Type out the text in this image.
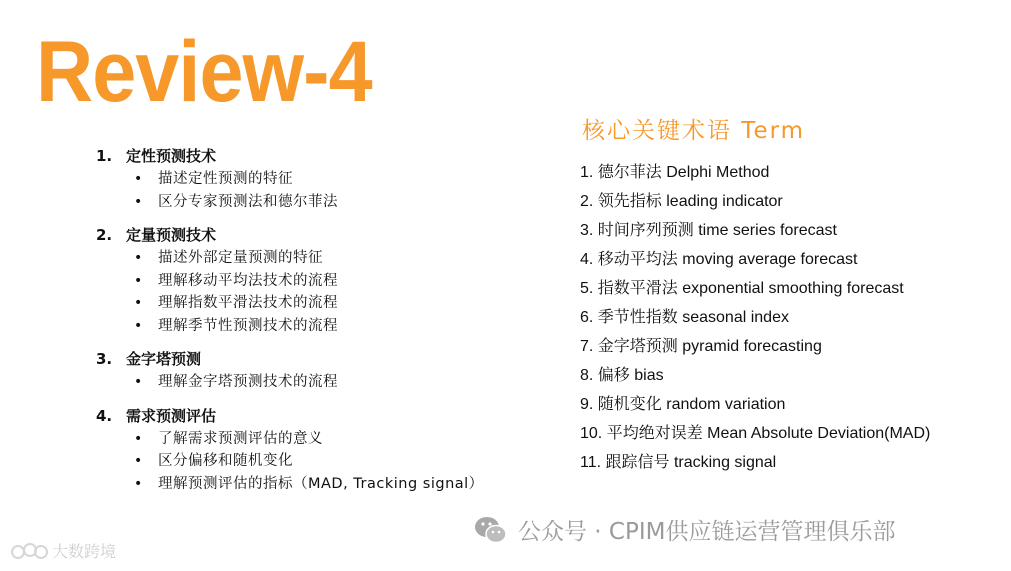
Review-4
1. 定性预测技术
• 描述定性预测的特征
• 区分专家预测法和德尔菲法
2. 定量预测技术
• 描述外部定量预测的特征
• 理解移动平均法技术的流程
• 理解指数平滑法技术的流程
• 理解季节性预测技术的流程
3. 金字塔预测
• 理解金字塔预测技术的流程
4. 需求预测评估
• 了解需求预测评估的意义
• 区分偏移和随机变化
• 理解预测评估的指标（MAD, Tracking signal）
核心关键术语 Term
1. 德尔菲法 Delphi Method
2. 领先指标 leading indicator
3. 时间序列预测 time series forecast
4. 移动平均法 moving average forecast
5. 指数平滑法 exponential smoothing forecast
6. 季节性指数 seasonal index
7. 金字塔预测 pyramid forecasting
8. 偏移 bias
9. 随机变化 random variation
10. 平均绝对误差 Mean Absolute Deviation(MAD)
11. 跟踪信号 tracking signal
公众号 · CPIM供应链运营管理俱乐部
大数跨境
